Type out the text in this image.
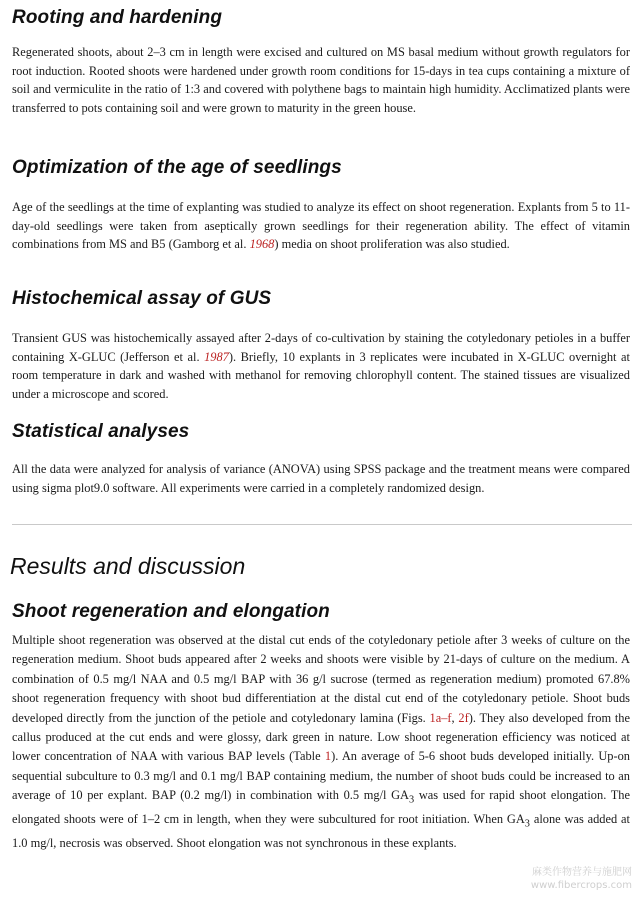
Rooting and hardening

Regenerated shoots, about 2–3 cm in length were excised and cultured on MS basal medium without growth regulators for root induction. Rooted shoots were hardened under growth room conditions for 15-days in tea cups containing a mixture of soil and vermiculite in the ratio of 1:3 and covered with polythene bags to maintain high humidity. Acclimatized plants were transferred to pots containing soil and were grown to maturity in the green house.

Optimization of the age of seedlings

Age of the seedlings at the time of explanting was studied to analyze its effect on shoot regeneration. Explants from 5 to 11-day-old seedlings were taken from aseptically grown seedlings for their regeneration ability. The effect of vitamin combinations from MS and B5 (Gamborg et al. 1968) media on shoot proliferation was also studied.

Histochemical assay of GUS

Transient GUS was histochemically assayed after 2-days of co-cultivation by staining the cotyledonary petioles in a buffer containing X-GLUC (Jefferson et al. 1987). Briefly, 10 explants in 3 replicates were incubated in X-GLUC overnight at room temperature in dark and washed with methanol for removing chlorophyll content. The stained tissues are visualized under a microscope and scored.

Statistical analyses

All the data were analyzed for analysis of variance (ANOVA) using SPSS package and the treatment means were compared using sigma plot9.0 software. All experiments were carried in a completely randomized design.

Results and discussion
Shoot regeneration and elongation

Multiple shoot regeneration was observed at the distal cut ends of the cotyledonary petiole after 3 weeks of culture on the regeneration medium. Shoot buds appeared after 2 weeks and shoots were visible by 21-days of culture on the medium. A combination of 0.5 mg/l NAA and 0.5 mg/l BAP with 36 g/l sucrose (termed as regeneration medium) promoted 67.8% shoot regeneration frequency with shoot bud differentiation at the distal cut end of the cotyledonary petiole. Shoot buds developed directly from the junction of the petiole and cotyledonary lamina (Figs. 1a–f, 2f). They also developed from the callus produced at the cut ends and were glossy, dark green in nature. Low shoot regeneration efficiency was noticed at lower concentration of NAA with various BAP levels (Table 1). An average of 5-6 shoot buds developed initially. Up-on sequential subculture to 0.3 mg/l and 0.1 mg/l BAP containing medium, the number of shoot buds could be increased to an average of 10 per explant. BAP (0.2 mg/l) in combination with 0.5 mg/l $GA_3$ was used for rapid shoot elongation. The elongated shoots were of 1–2 cm in length, when they were subcultured for root initiation. When $GA_3$ alone was added at 1.0 mg/l, necrosis was observed. Shoot elongation was not synchronous in these explants.

麻类作物营养与施肥网
www.fibercrops.com
